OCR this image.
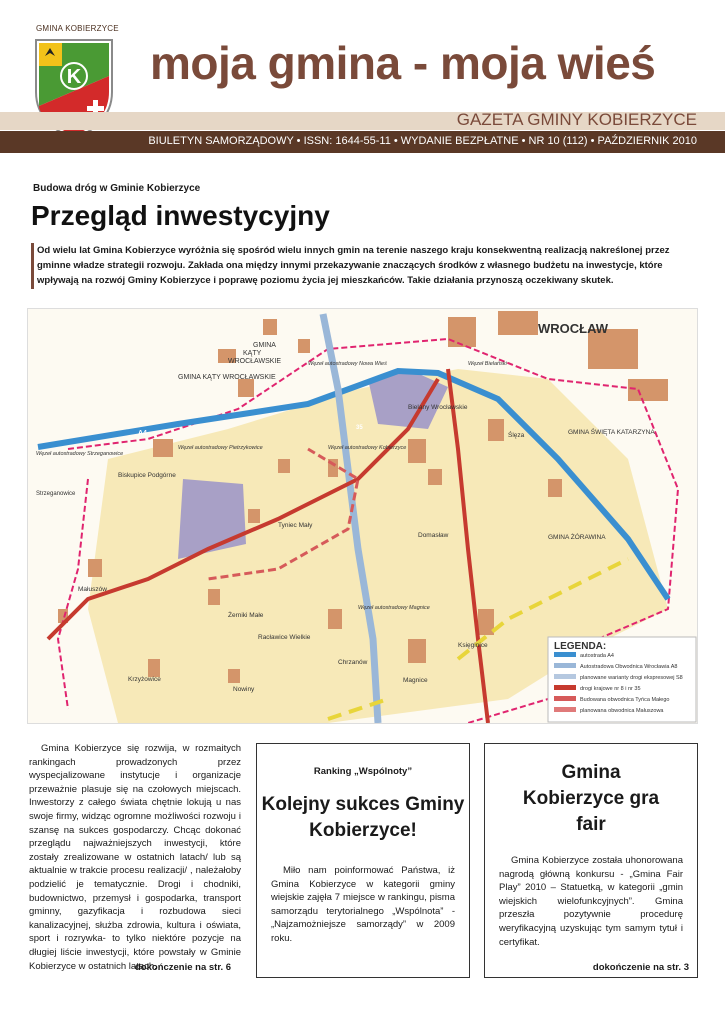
GMINA KOBIERZYCE
K moja gmina - moja wieś
GAZETA GMINY KOBIERZYCE
BIULETYN SAMORZĄDOWY • ISSN: 1644-55-11 • WYDANIE BEZPŁATNE • NR 10 (112) • PAŹDZIERNIK 2010
Budowa dróg w Gminie Kobierzyce
Przegląd inwestycyjny
Od wielu lat Gmina Kobierzyce wyróżnia się spośród wielu innych gmin na terenie naszego kraju konsekwentną realizacją nakreślonej przez gminne władze strategii rozwoju. Zakłada ona między innymi przekazywanie znaczących środków z własnego budżetu na inwestycje, które wpływają na rozwój Gminy Kobierzyce i poprawę poziomu życia jej mieszkańców. Takie działania przynoszą oczekiwany skutek.
WROCŁAW
GMINA KĄTY WROCŁAWSKIE
GMINA KĄTY WROCŁAWSKIE
GMINA ŚWIĘTA KATARZYNA
GMINA ŻÓRAWINA
Bielany Wrocławskie
Biskupice Podgórne
Tyniec Mały
Domasław
Chrzanów
Krzyżowice
Nowiny
Magnice
Księginice
Ślęza
Małuszów
Żerniki Małe
Racławice Wielkie
Strzeganowice
Węzeł autostradowy Strzeganowice
Węzeł autostradowy Pietrzykowice	Węzeł autostradowy Kobierzyce
Węzeł autostradowy Nowa Wieś	Węzeł Bielański
Węzeł autostradowy Magnice
A4
35
LEGENDA:
autostrada A4
Autostradowa Obwodnica Wrocławia A8
planowane warianty drogi ekspresowej S8
drogi krajowe nr 8 i nr 35
Budowana obwodnica Tyńca Małego
planowana obwodnica Małuszowa

Gmina Kobierzyce się rozwija, w rozmaitych rankingach prowadzonych przez wyspecjalizowane instytucje i organizacje przeważnie plasuje się na czołowych miejscach. Inwestorzy z całego świata chętnie lokują u nas swoje firmy, widząc ogromne możliwości rozwoju i szansę na sukces gospodarczy. Chcąc dokonać przeglądu najważniejszych inwestycji, które zostały zrealizowane w ostatnich latach/ lub są aktualnie w trakcie procesu realizacji/ , należałoby podzielić je tematycznie. Drogi i chodniki, budownictwo, przemysł i gospodarka, transport gminny, gazyfikacja i rozbudowa sieci kanalizacyjnej, służba zdrowia, kultura i oświata, sport i rozrywka- to tylko niektóre pozycje na długiej liście inwestycji, które powstały w Gminie Kobierzyce w ostatnich latach.

dokończenie na str. 6
Ranking „Wspólnoty”
Kolejny sukces Gminy Kobierzyce!

Miło nam poinformować Państwa, iż Gmina Kobierzyce w kategorii gminy wiejskie zajęła 7 miejsce w rankingu, pisma samorządu terytorialnego „Wspólnota” - „Najzamożniejsze samorządy” w 2009 roku.

Gmina Kobierzyce gra fair

Gmina Kobierzyce została uhonorowana nagrodą główną konkursu - „Gmina Fair Play” 2010 – Statuetką, w kategorii „gmin wiejskich wielofunkcyjnych”. Gmina przeszła pozytywnie procedurę weryfikacyjną uzyskując tym samym tytuł i certyfikat.

dokończenie na str. 3
